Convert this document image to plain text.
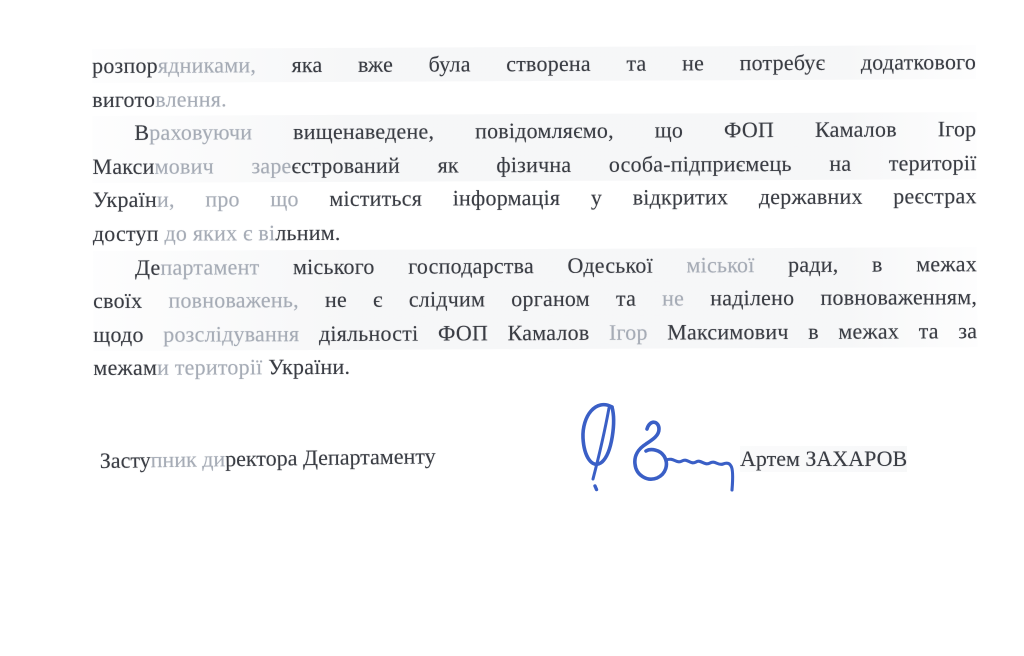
розпорядниками, яка вже була створена та не потребує додаткового
виготовлення.
Враховуючи вищенаведене, повідомляємо, що ФОП Камалов Ігор
Максимович зареєстрований як фізична особа-підприємець на території
України, про що міститься інформація у відкритих державних реєстрах
доступ до яких є вільним.
Департамент міського господарства Одеської міської ради, в межах
своїх повноважень, не є слідчим органом та не наділено повноваженням,
щодо розслідування діяльності ФОП Камалов Ігор Максимович в межах та за
межами території України.
Заступник директора Департаменту	Артем ЗАХАРОВ
